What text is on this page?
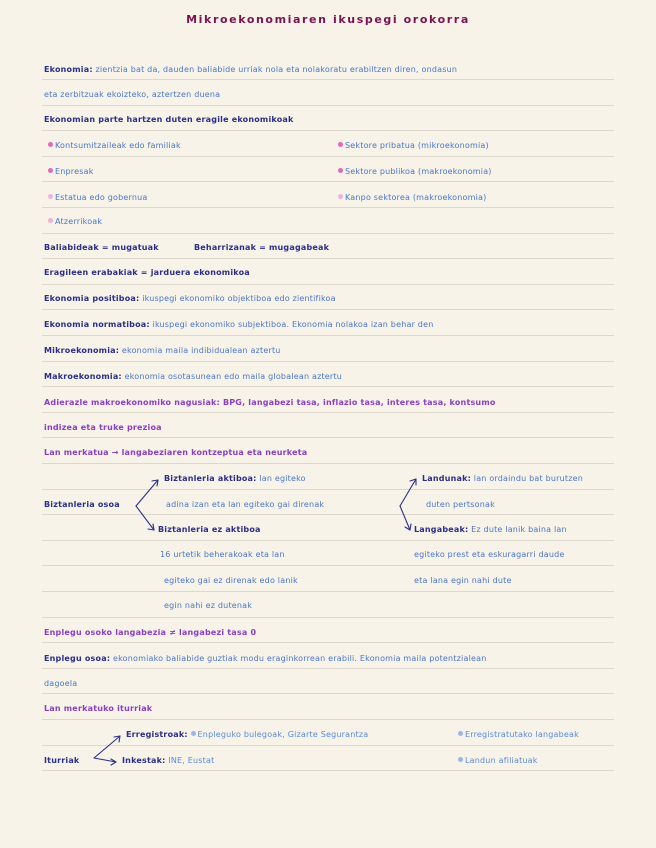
Mikroekonomiaren ikuspegi orokorra
Ekonomia: zientzia bat da, dauden baliabide urriak nola eta nolakoratu erabiltzen diren, ondasun
eta zerbitzuak ekoizteko, aztertzen duena
Ekonomian parte hartzen duten eragile ekonomikoak
Kontsumitzaileak edo familiak
Enpresak
Estatua edo gobernua
Atzerrikoak
Sektore pribatua (mikroekonomia)
Sektore publikoa (makroekonomia)
Kanpo sektorea (makroekonomia)
Baliabideak = mugatuak	Beharrizanak = mugagabeak
Eragileen erabakiak = jarduera ekonomikoa
Ekonomia positiboa: ikuspegi ekonomiko objektiboa edo zientifikoa
Ekonomia normatiboa: ikuspegi ekonomiko subjektiboa. Ekonomia nolakoa izan behar den
Mikroekonomia: ekonomia maila indibidualean aztertu
Makroekonomia: ekonomia osotasunean edo maila globalean aztertu
Adierazle makroekonomiko nagusiak: BPG, langabezi tasa, inflazio tasa, interes tasa, kontsumo
indizea eta truke prezioa
Lan merkatua → langabeziaren kontzeptua eta neurketa
Biztanleria osoa
Biztanleria aktiboa: lan egiteko
adina izan eta lan egiteko gai direnak
Biztanleria ez aktiboa
16 urtetik beherakoak eta lan
egiteko gai ez direnak edo lanik
egin nahi ez dutenak
Landunak: lan ordaindu bat burutzen
duten pertsonak
Langabeak: Ez dute lanik baina lan
egiteko prest eta eskuragarri daude
eta lana egin nahi dute
Enplegu osoko langabezia ≠ langabezi tasa 0
Enplegu osoa: ekonomiako baliabide guztiak modu eraginkorrean erabili. Ekonomia maila potentzialean
dagoela
Lan merkatuko iturriak
Iturriak
Erregistroak: Enpleguko bulegoak, Gizarte Segurantza
Inkestak: INE, Eustat
Erregistratutako langabeak
Landun afiliatuak
